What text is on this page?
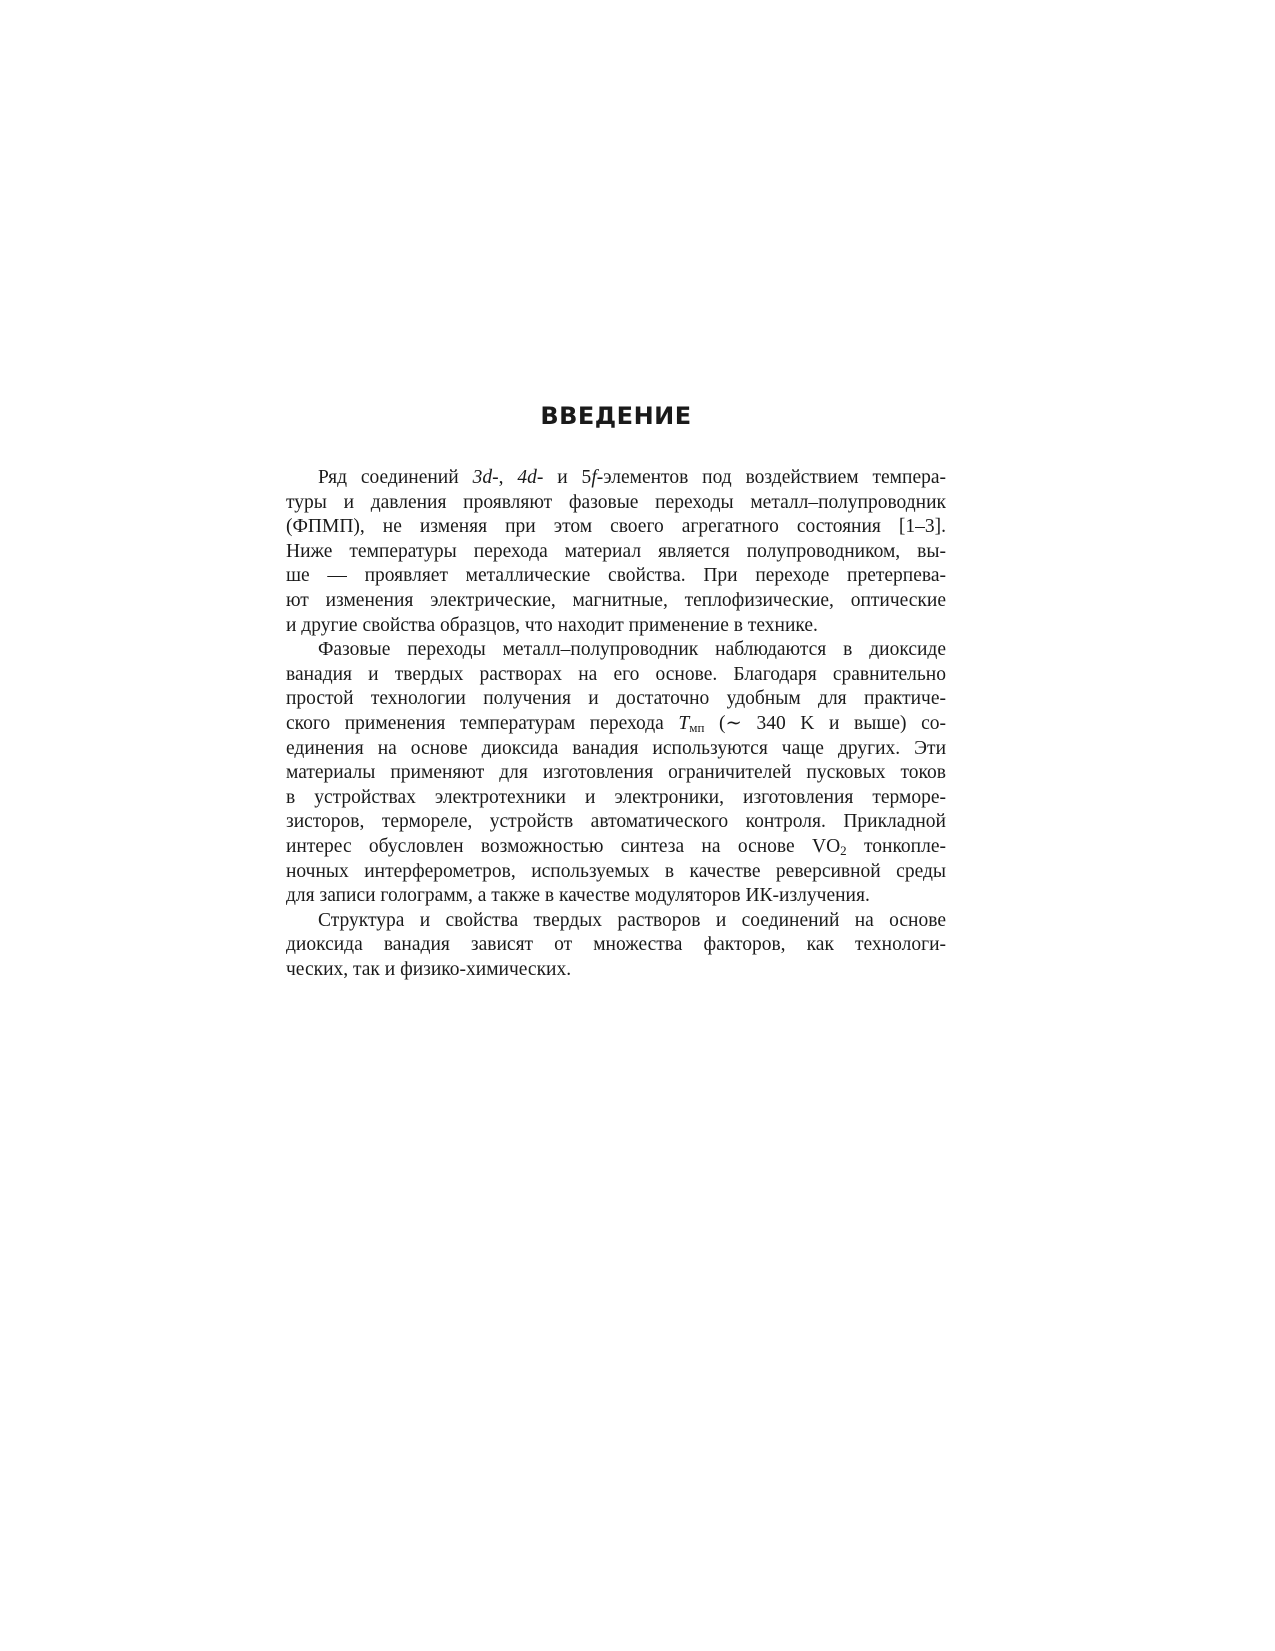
ВВЕДЕНИЕ
Ряд соединений 3d-, 4d- и 5f-элементов под воздействием темпера-
туры и давления проявляют фазовые переходы металл–полупроводник
(ФПМП), не изменяя при этом своего агрегатного состояния [1–3].
Ниже температуры перехода материал является полупроводником, вы-
ше — проявляет металлические свойства. При переходе претерпева-
ют изменения электрические, магнитные, теплофизические, оптические
и другие свойства образцов, что находит применение в технике.
Фазовые переходы металл–полупроводник наблюдаются в диоксиде
ванадия и твердых растворах на его основе. Благодаря сравнительно
простой технологии получения и достаточно удобным для практиче-
ского применения температурам перехода $T_{мп}$ (∼ 340 K и выше) со-
единения на основе диоксида ванадия используются чаще других. Эти
материалы применяют для изготовления ограничителей пусковых токов
в устройствах электротехники и электроники, изготовления терморе-
зисторов, термореле, устройств автоматического контроля. Прикладной
интерес обусловлен возможностью синтеза на основе $VO_2$ тонкопле-
ночных интерферометров, используемых в качестве реверсивной среды
для записи голограмм, а также в качестве модуляторов ИК-излучения.
Структура и свойства твердых растворов и соединений на основе
диоксида ванадия зависят от множества факторов, как технологи-
ческих, так и физико-химических.
